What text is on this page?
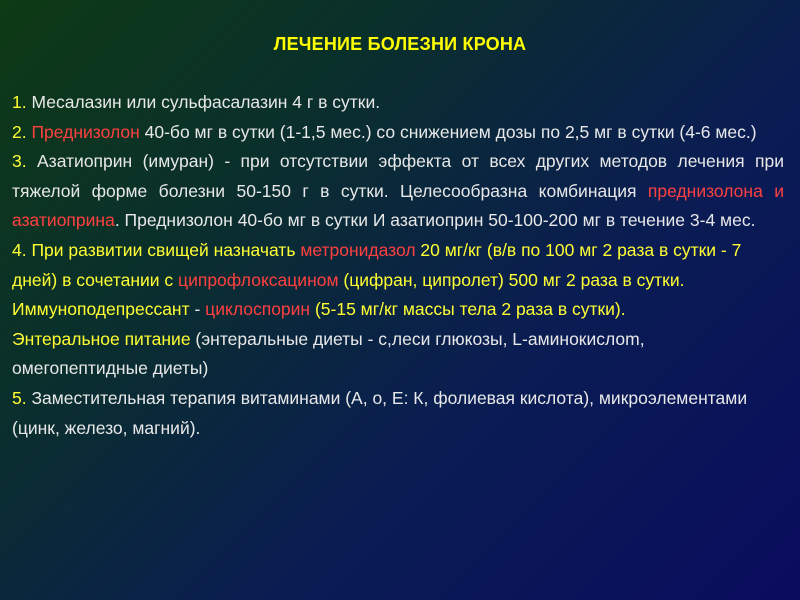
ЛЕЧЕНИЕ БОЛЕЗНИ КРОНА

1. Месалазин или сульфасалазин 4 г в сутки.

2. Преднизолон 40-бо мг в сутки (1-1,5 мес.) со снижением дозы по 2,5 мг в сутки (4-6 мес.)

3. Азатиоприн (имуран) - при отсутствии эффекта от всех других методов лечения при тяжелой форме болезни 50-150 г в сутки. Целесообразна комбинация преднизолона и азатиоприна. Преднизолон 40-бо мг в сутки И азатиоприн 50-100-200 мг в течение 3-4 мес.

4. При развитии свищей назначать метронидазол 20 мг/кг (в/в по 100 мг 2 раза в сутки - 7 дней) в сочетании с ципрофлоксацином (цифран, ципролет) 500 мг 2 раза в сутки.

Иммуноподепрессант - циклоспорин (5-15 мг/кг массы тела 2 раза в сутки).

Энтеральное питание (энтеральные диеты - с,леси глюкозы, L-аминокислоm, омегопептидные диеты)

5. Заместительная терапия витаминами (А, о, Е: К, фолиевая кислота), микроэлементами (цинк, железо, магний).
